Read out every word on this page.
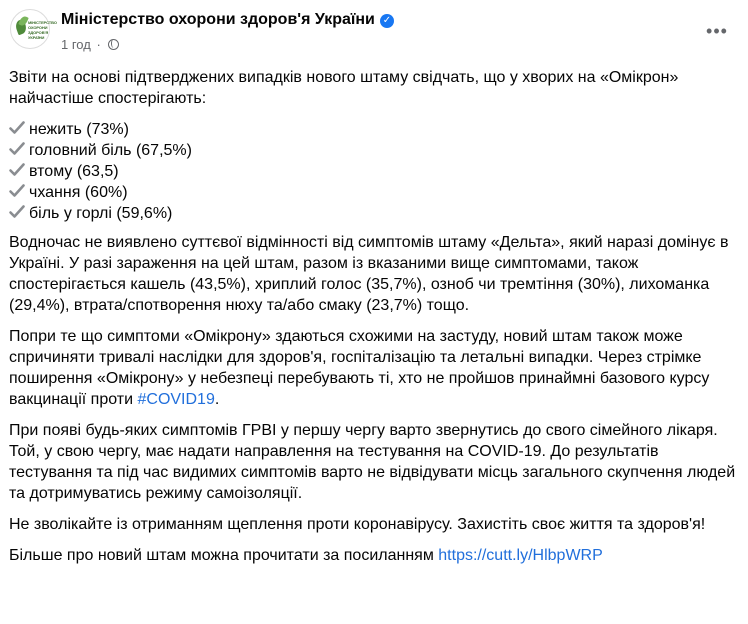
МІНІСТЕРСТВО ОХОРОНИ ЗДОРОВ'Я УКРАЇНИ
Міністерство охорони здоров'я України ✓
1 год ·
•••

Звіти на основі підтверджених випадків нового штаму свідчать, що у хворих на «Омікрон» найчастіше спостерігають:

нежить (73%)
головний біль (67,5%)
втому (63,5)
чхання (60%)
біль у горлі (59,6%)

Водночас не виявлено суттєвої відмінності від симптомів штаму «Дельта», який наразі домінує в Україні. У разі зараження на цей штам, разом із вказаними вище симптомами, також спостерігається кашель (43,5%), хриплий голос (35,7%), озноб чи тремтіння (30%), лихоманка (29,4%), втрата/спотворення нюху та/або смаку (23,7%) тощо.

Попри те що симптоми «Омікрону» здаються схожими на застуду, новий штам також може спричиняти тривалі наслідки для здоров'я, госпіталізацію та летальні випадки. Через стрімке поширення «Омікрону» у небезпеці перебувають ті, хто не пройшов принаймні базового курсу вакцинації проти #COVID19.

При появі будь-яких симптомів ГРВІ у першу чергу варто звернутись до свого сімейного лікаря. Той, у свою чергу, має надати направлення на тестування на COVID-19. До результатів тестування та під час видимих симптомів варто не відвідувати місць загального скупчення людей та дотримуватись режиму самоізоляції.

Не зволікайте із отриманням щеплення проти коронавірусу. Захистіть своє життя та здоров'я!

Більше про новий штам можна прочитати за посиланням https://cutt.ly/HlbpWRP
